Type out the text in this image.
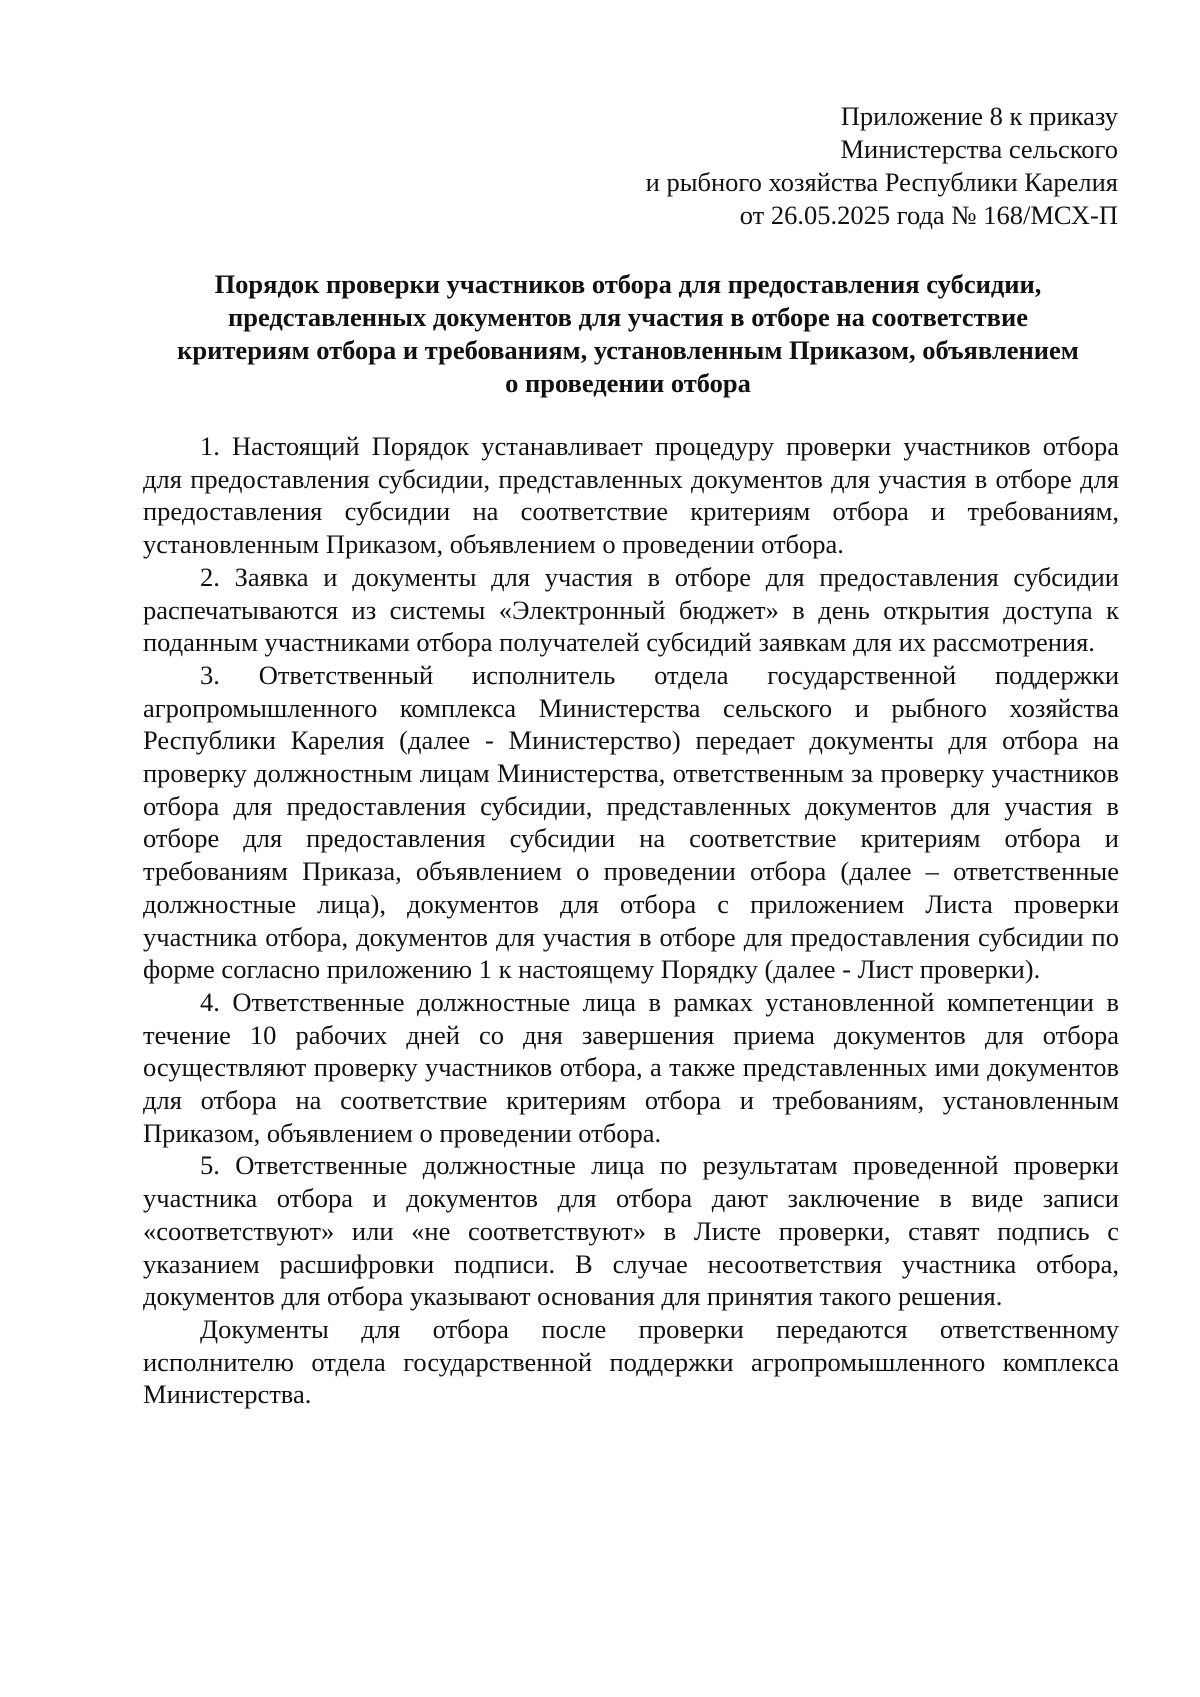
Приложение 8 к приказу
Министерства сельского
и рыбного хозяйства Республики Карелия
от 26.05.2025 года № 168/МСХ-П
Порядок проверки участников отбора для предоставления субсидии,
представленных документов для участия в отборе на соответствие
критериям отбора и требованиям, установленным Приказом, объявлением
о проведении отбора

1. Настоящий Порядок устанавливает процедуру проверки участников отбора для предоставления субсидии, представленных документов для участия в отборе для предоставления субсидии на соответствие критериям отбора и требованиям, установленным Приказом, объявлением о проведении отбора.

2. Заявка и документы для участия в отборе для предоставления субсидии распечатываются из системы «Электронный бюджет» в день открытия доступа к поданным участниками отбора получателей субсидий заявкам для их рассмотрения.

3. Ответственный исполнитель отдела государственной поддержки агропромышленного комплекса Министерства сельского и рыбного хозяйства Республики Карелия (далее - Министерство) передает документы для отбора на проверку должностным лицам Министерства, ответственным за проверку участников отбора для предоставления субсидии, представленных документов для участия в отборе для предоставления субсидии на соответствие критериям отбора и требованиям Приказа, объявлением о проведении отбора (далее – ответственные должностные лица), документов для отбора с приложением Листа проверки участника отбора, документов для участия в отборе для предоставления субсидии по форме согласно приложению 1 к настоящему Порядку (далее - Лист проверки).

4. Ответственные должностные лица в рамках установленной компетенции в течение 10 рабочих дней со дня завершения приема документов для отбора осуществляют проверку участников отбора, а также представленных ими документов для отбора на соответствие критериям отбора и требованиям, установленным Приказом, объявлением о проведении отбора.

5. Ответственные должностные лица по результатам проведенной проверки участника отбора и документов для отбора дают заключение в виде записи «соответствуют» или «не соответствуют» в Листе проверки, ставят подпись с указанием расшифровки подписи. В случае несоответствия участника отбора, документов для отбора указывают основания для принятия такого решения.

Документы для отбора после проверки передаются ответственному исполнителю отдела государственной поддержки агропромышленного комплекса Министерства.
